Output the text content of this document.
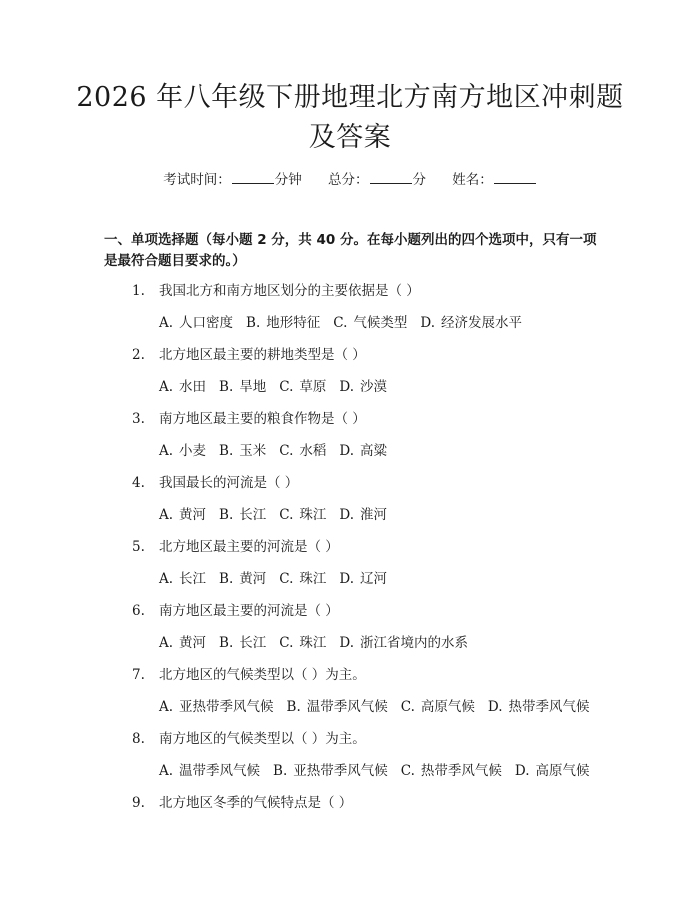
2026 年八年级下册地理北方南方地区冲刺题
及答案
考试时间：	分钟 总分：	分 姓名：
一、单项选择题（每小题 2 分，共 40 分。在每小题列出的四个选项中，只有一项
是最符合题目要求的。）
1.	我国北方和南方地区划分的主要依据是（ ）
A. 人口密度 B. 地形特征 C. 气候类型 D. 经济发展水平
2.	北方地区最主要的耕地类型是（ ）
A. 水田 B. 旱地 C. 草原 D. 沙漠
3.	南方地区最主要的粮食作物是（ ）
A. 小麦 B. 玉米 C. 水稻 D. 高粱
4.	我国最长的河流是（ ）
A. 黄河 B. 长江 C. 珠江 D. 淮河
5.	北方地区最主要的河流是（ ）
A. 长江 B. 黄河 C. 珠江 D. 辽河
6.	南方地区最主要的河流是（ ）
A. 黄河 B. 长江 C. 珠江 D. 浙江省境内的水系
7.	北方地区的气候类型以（ ）为主。
A. 亚热带季风气候 B. 温带季风气候 C. 高原气候 D. 热带季风气候
8.	南方地区的气候类型以（ ）为主。
A. 温带季风气候 B. 亚热带季风气候 C. 热带季风气候 D. 高原气候
9.	北方地区冬季的气候特点是（ ）
